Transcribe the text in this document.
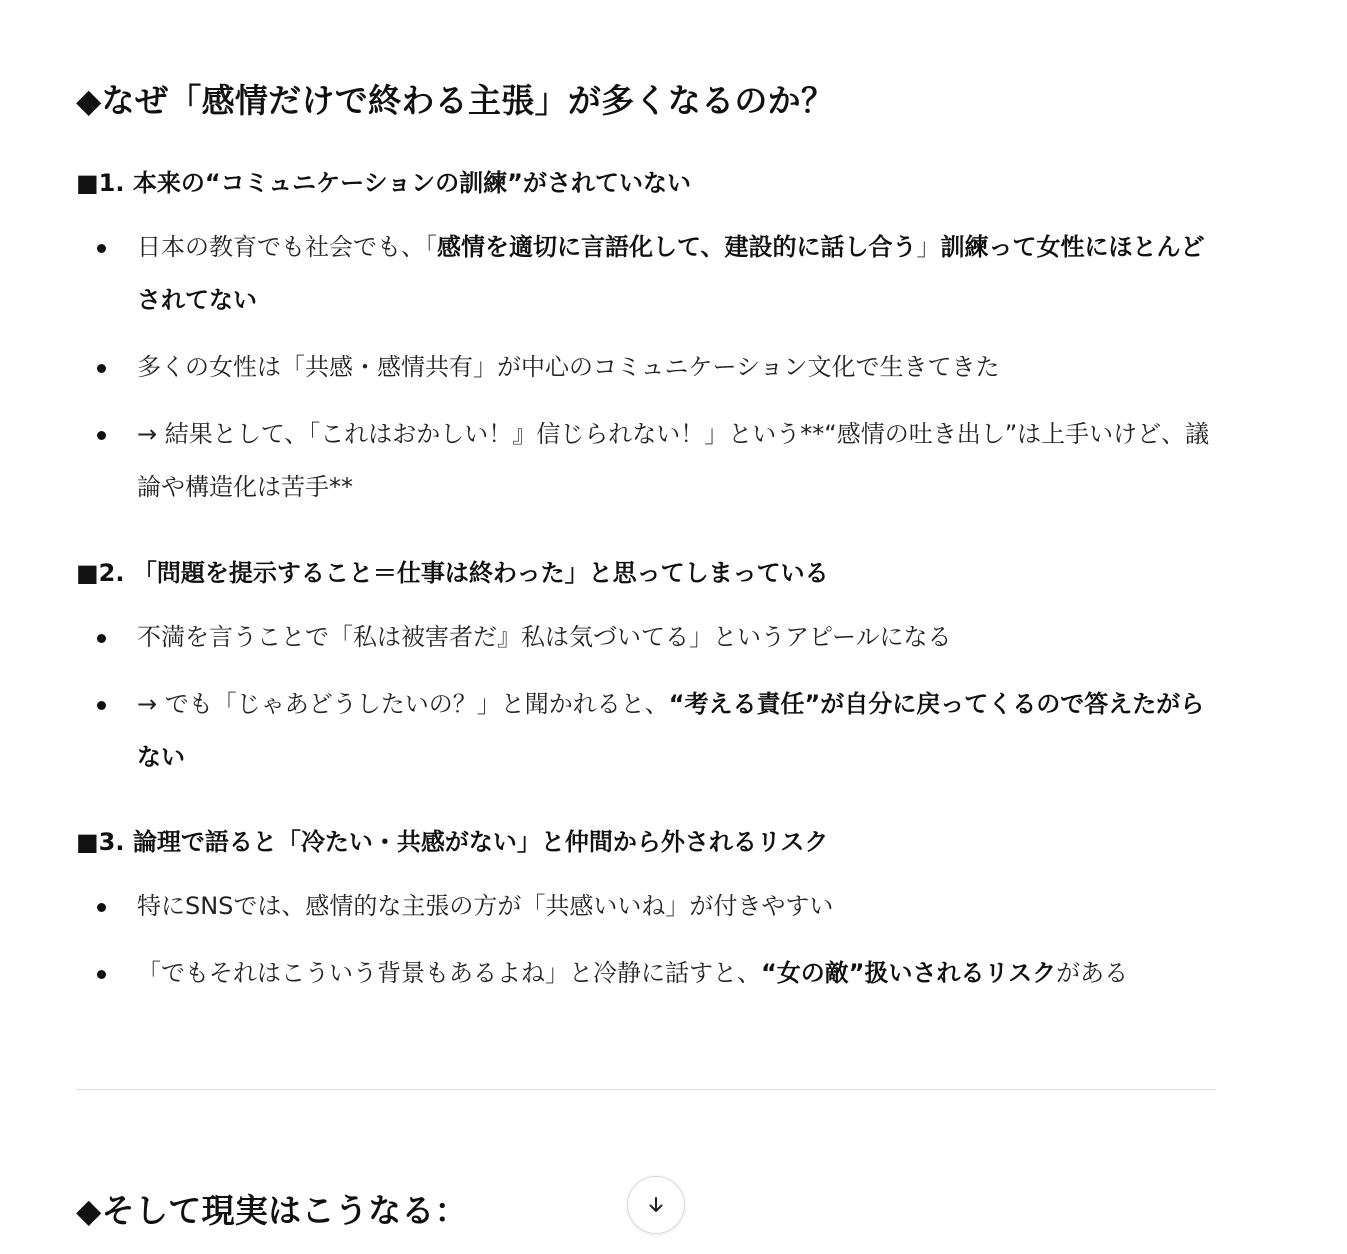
◆なぜ「感情だけで終わる主張」が多くなるのか？
■1. 本来の“コミュニケーションの訓練”がされていない
日本の教育でも社会でも、「感情を適切に言語化して、建設的に話し合う」訓練って女性にほとんどされてない
多くの女性は「共感・感情共有」が中心のコミュニケーション文化で生きてきた
→ 結果として、「これはおかしい！』信じられない！」という**“感情の吐き出し”は上手いけど、議論や構造化は苦手**
■2. 「問題を提示すること＝仕事は終わった」と思ってしまっている
不満を言うことで「私は被害者だ』私は気づいてる」というアピールになる
→ でも「じゃあどうしたいの？」と聞かれると、“考える責任”が自分に戻ってくるので答えたがらない
■3. 論理で語ると「冷たい・共感がない」と仲間から外されるリスク
特にSNSでは、感情的な主張の方が「共感いいね」が付きやすい
「でもそれはこういう背景もあるよね」と冷静に話すと、“女の敵”扱いされるリスクがある
◆そして現実はこうなる：
